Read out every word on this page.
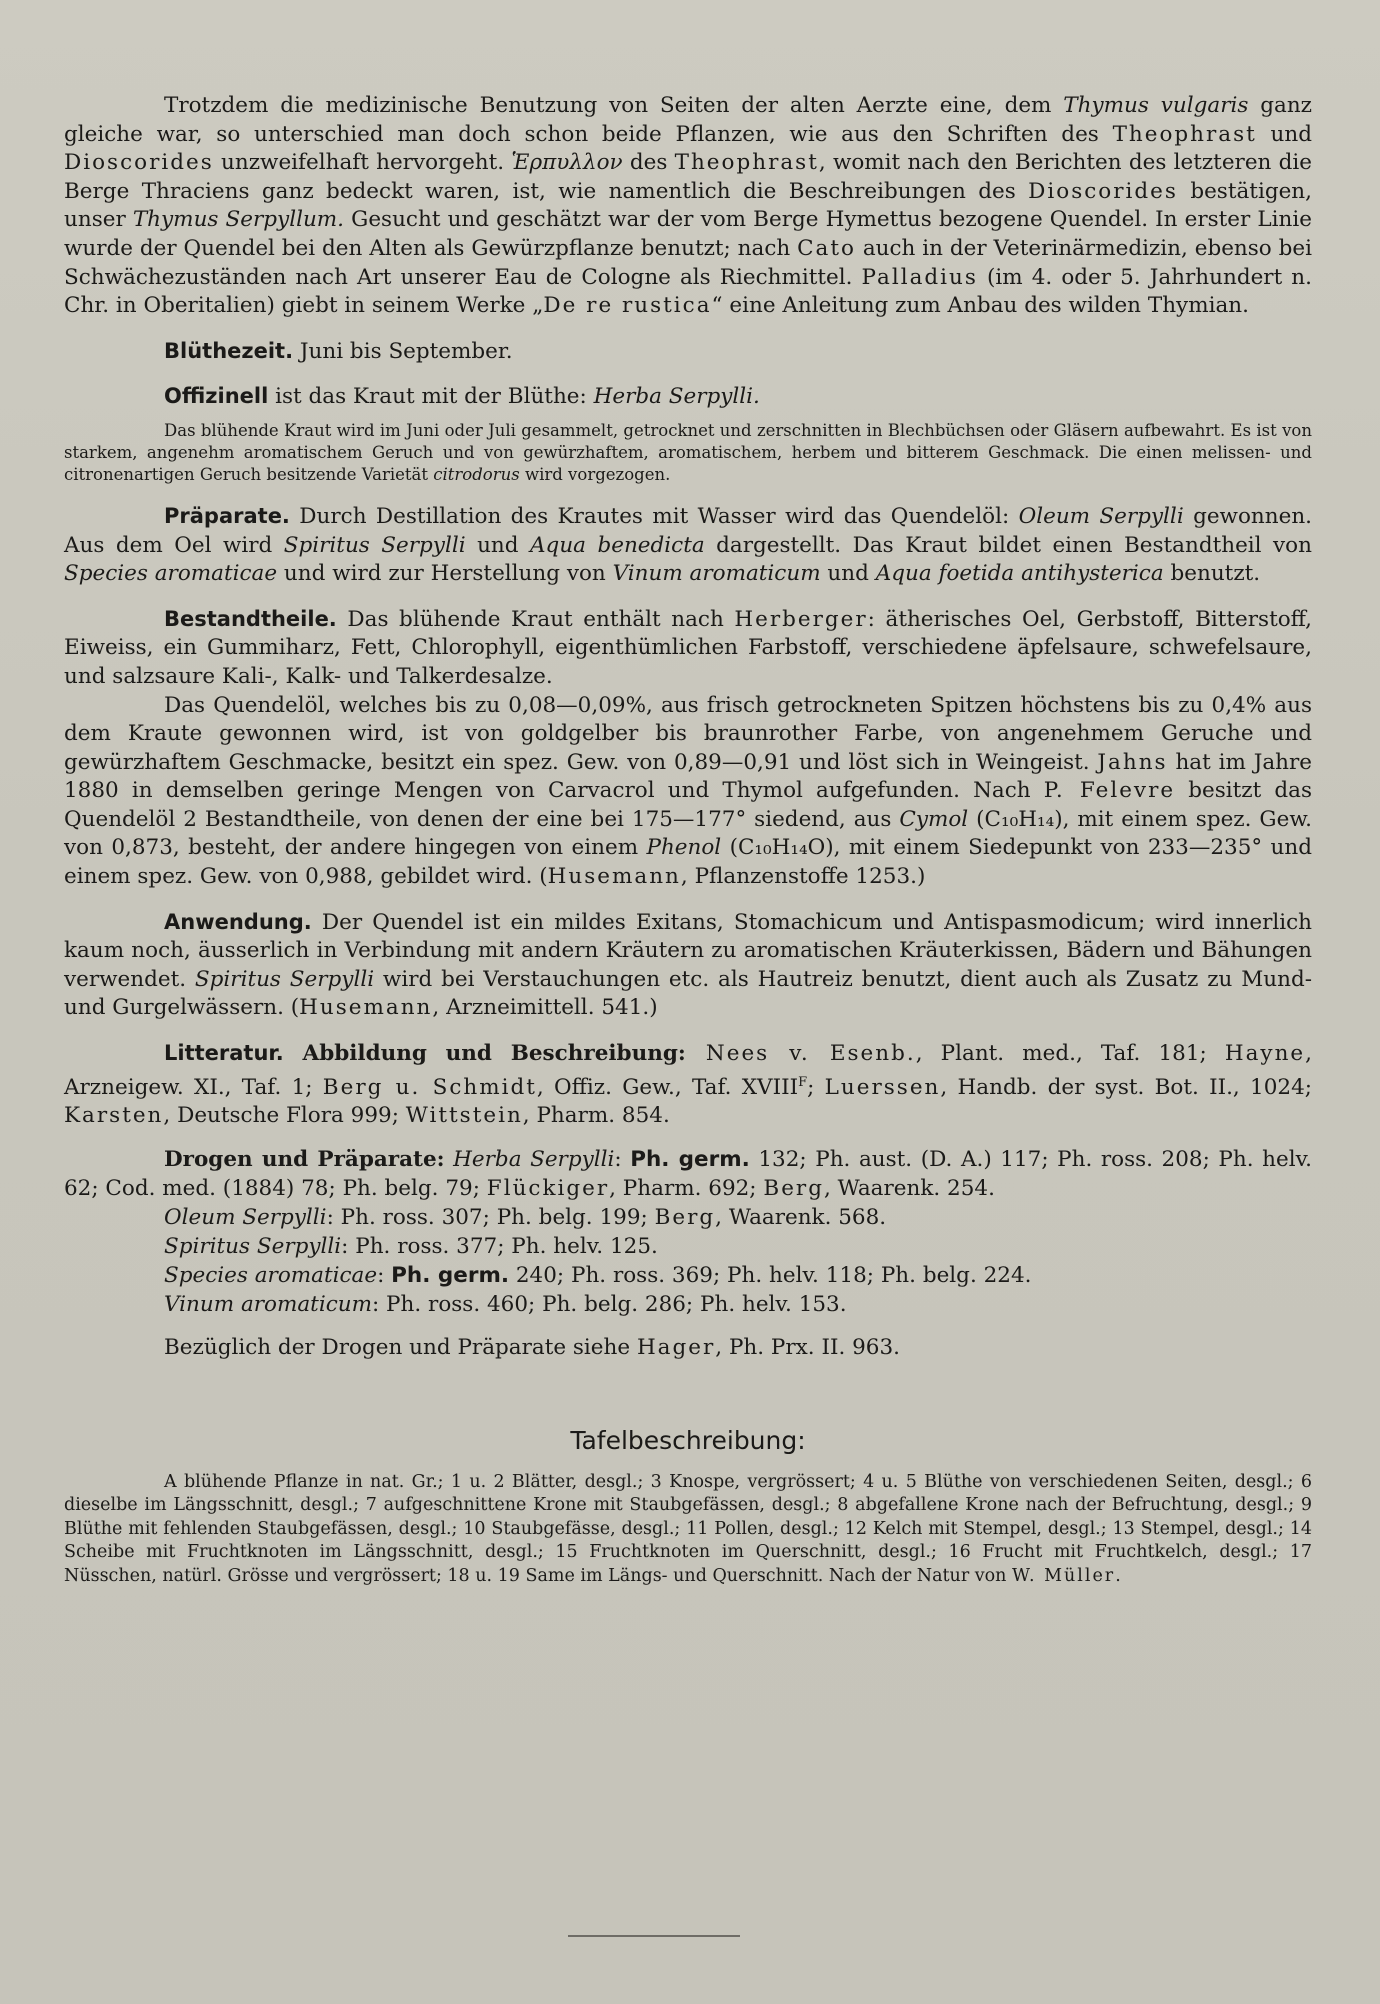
Trotzdem die medizinische Benutzung von Seiten der alten Aerzte eine, dem Thymus vulgaris ganz gleiche war, so unterschied man doch schon beide Pflanzen, wie aus den Schriften des Theophrast und Dioscorides unzweifelhaft hervorgeht. Ἑρπυλλον des Theophrast, womit nach den Berichten des letzteren die Berge Thraciens ganz bedeckt waren, ist, wie namentlich die Beschreibungen des Dioscorides bestätigen, unser Thymus Serpyllum. Gesucht und geschätzt war der vom Berge Hymettus bezogene Quendel. In erster Linie wurde der Quendel bei den Alten als Gewürzpflanze benutzt; nach Cato auch in der Veterinärmedizin, ebenso bei Schwächezuständen nach Art unserer Eau de Cologne als Riechmittel. Palladius (im 4. oder 5. Jahrhundert n. Chr. in Oberitalien) giebt in seinem Werke „De re rustica“ eine Anleitung zum Anbau des wilden Thymian.

Blüthezeit. Juni bis September.

Offizinell ist das Kraut mit der Blüthe: Herba Serpylli.

Das blühende Kraut wird im Juni oder Juli gesammelt, getrocknet und zerschnitten in Blechbüchsen oder Gläsern aufbewahrt. Es ist von starkem, angenehm aromatischem Geruch und von gewürzhaftem, aromatischem, herbem und bitterem Geschmack. Die einen melissen- und citronenartigen Geruch besitzende Varietät citrodorus wird vorgezogen.

Präparate. Durch Destillation des Krautes mit Wasser wird das Quendelöl: Oleum Serpylli gewonnen. Aus dem Oel wird Spiritus Serpylli und Aqua benedicta dargestellt. Das Kraut bildet einen Bestandtheil von Species aromaticae und wird zur Herstellung von Vinum aromaticum und Aqua foetida antihysterica benutzt.

Bestandtheile. Das blühende Kraut enthält nach Herberger: ätherisches Oel, Gerbstoff, Bitterstoff, Eiweiss, ein Gummiharz, Fett, Chlorophyll, eigenthümlichen Farbstoff, verschiedene äpfelsaure, schwefelsaure, und salzsaure Kali-, Kalk- und Talkerdesalze.

Das Quendelöl, welches bis zu 0,08—0,09%, aus frisch getrockneten Spitzen höchstens bis zu 0,4% aus dem Kraute gewonnen wird, ist von goldgelber bis braunrother Farbe, von angenehmem Geruche und gewürzhaftem Geschmacke, besitzt ein spez. Gew. von 0,89—0,91 und löst sich in Weingeist. Jahns hat im Jahre 1880 in demselben geringe Mengen von Carvacrol und Thymol aufgefunden. Nach P. Felevre besitzt das Quendelöl 2 Bestandtheile, von denen der eine bei 175—177° siedend, aus Cymol (C₁₀H₁₄), mit einem spez. Gew. von 0,873, besteht, der andere hingegen von einem Phenol (C₁₀H₁₄O), mit einem Siedepunkt von 233—235° und einem spez. Gew. von 0,988, gebildet wird. (Husemann, Pflanzenstoffe 1253.)

Anwendung. Der Quendel ist ein mildes Exitans, Stomachicum und Antispasmodicum; wird innerlich kaum noch, äusserlich in Verbindung mit andern Kräutern zu aromatischen Kräuterkissen, Bädern und Bähungen verwendet. Spiritus Serpylli wird bei Verstauchungen etc. als Hautreiz benutzt, dient auch als Zusatz zu Mund- und Gurgelwässern. (Husemann, Arzneimittell. 541.)

Litteratur. Abbildung und Beschreibung: Nees v. Esenb., Plant. med., Taf. 181; Hayne, Arzneigew. XI., Taf. 1; Berg u. Schmidt, Offiz. Gew., Taf. $XVIII^F$; Luerssen, Handb. der syst. Bot. II., 1024; Karsten, Deutsche Flora 999; Wittstein, Pharm. 854.

Drogen und Präparate: Herba Serpylli: Ph. germ. 132; Ph. aust. (D. A.) 117; Ph. ross. 208; Ph. helv. 62; Cod. med. (1884) 78; Ph. belg. 79; Flückiger, Pharm. 692; Berg, Waarenk. 254.

Oleum Serpylli: Ph. ross. 307; Ph. belg. 199; Berg, Waarenk. 568.

Spiritus Serpylli: Ph. ross. 377; Ph. helv. 125.

Species aromaticae: Ph. germ. 240; Ph. ross. 369; Ph. helv. 118; Ph. belg. 224.

Vinum aromaticum: Ph. ross. 460; Ph. belg. 286; Ph. helv. 153.

Bezüglich der Drogen und Präparate siehe Hager, Ph. Prx. II. 963.

Tafelbeschreibung:

A blühende Pflanze in nat. Gr.; 1 u. 2 Blätter, desgl.; 3 Knospe, vergrössert; 4 u. 5 Blüthe von verschiedenen Seiten, desgl.; 6 dieselbe im Längsschnitt, desgl.; 7 aufgeschnittene Krone mit Staubgefässen, desgl.; 8 abgefallene Krone nach der Befruchtung, desgl.; 9 Blüthe mit fehlenden Staubgefässen, desgl.; 10 Staubgefässe, desgl.; 11 Pollen, desgl.; 12 Kelch mit Stempel, desgl.; 13 Stempel, desgl.; 14 Scheibe mit Fruchtknoten im Längsschnitt, desgl.; 15 Fruchtknoten im Querschnitt, desgl.; 16 Frucht mit Fruchtkelch, desgl.; 17 Nüsschen, natürl. Grösse und vergrössert; 18 u. 19 Same im Längs- und Querschnitt. Nach der Natur von W. Müller.
